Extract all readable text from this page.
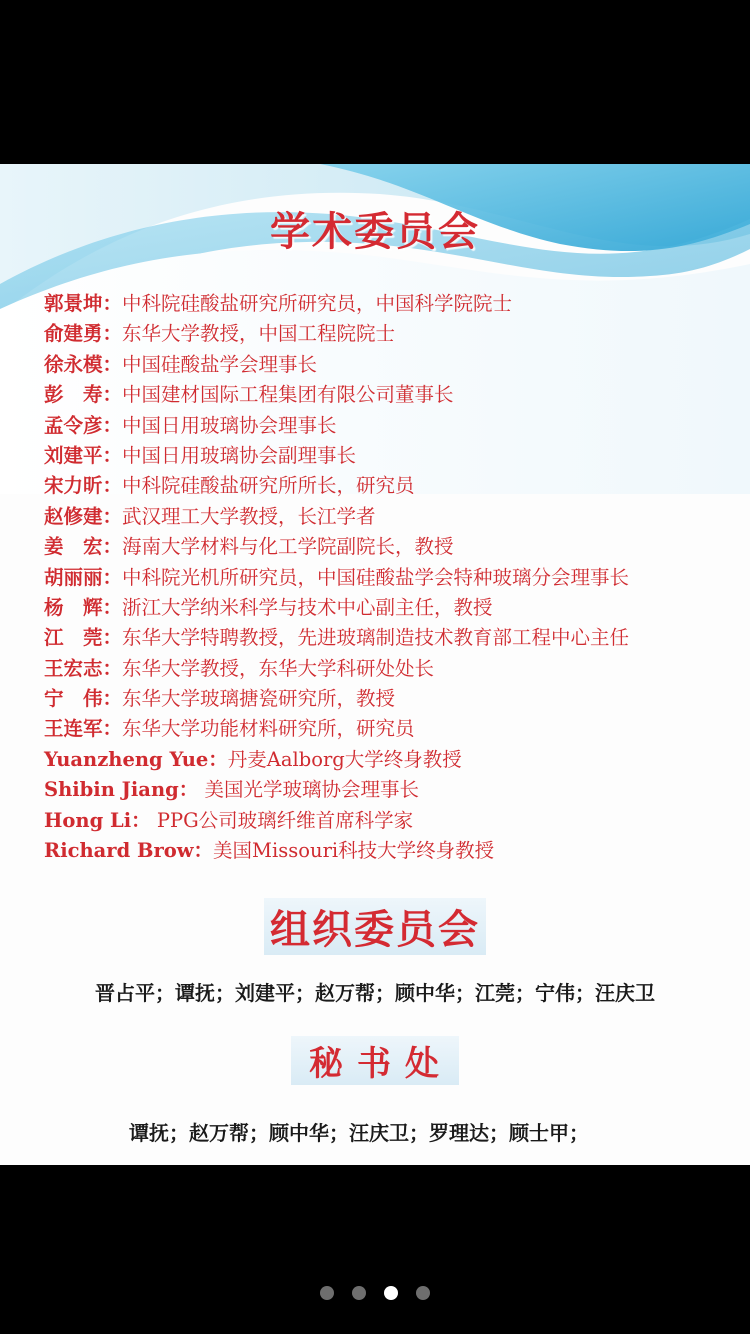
学术委员会
郭景坤：中科院硅酸盐研究所研究员，中国科学院院士
俞建勇：东华大学教授，中国工程院院士
徐永模：中国硅酸盐学会理事长
彭　寿：中国建材国际工程集团有限公司董事长
孟令彦：中国日用玻璃协会理事长
刘建平：中国日用玻璃协会副理事长
宋力昕：中科院硅酸盐研究所所长，研究员
赵修建：武汉理工大学教授，长江学者
姜　宏：海南大学材料与化工学院副院长，教授
胡丽丽：中科院光机所研究员，中国硅酸盐学会特种玻璃分会理事长
杨　辉：浙江大学纳米科学与技术中心副主任，教授
江　莞：东华大学特聘教授，先进玻璃制造技术教育部工程中心主任
王宏志：东华大学教授，东华大学科研处处长
宁　伟：东华大学玻璃搪瓷研究所，教授
王连军：东华大学功能材料研究所，研究员
Yuanzheng Yue：丹麦Aalborg大学终身教授
Shibin Jiang： 美国光学玻璃协会理事长
Hong Li： PPG公司玻璃纤维首席科学家
Richard Brow：美国Missouri科技大学终身教授
组织委员会
晋占平；谭抚；刘建平；赵万帮；顾中华；江莞；宁伟；汪庆卫
秘书处
谭抚；赵万帮；顾中华；汪庆卫；罗理达；顾士甲；
